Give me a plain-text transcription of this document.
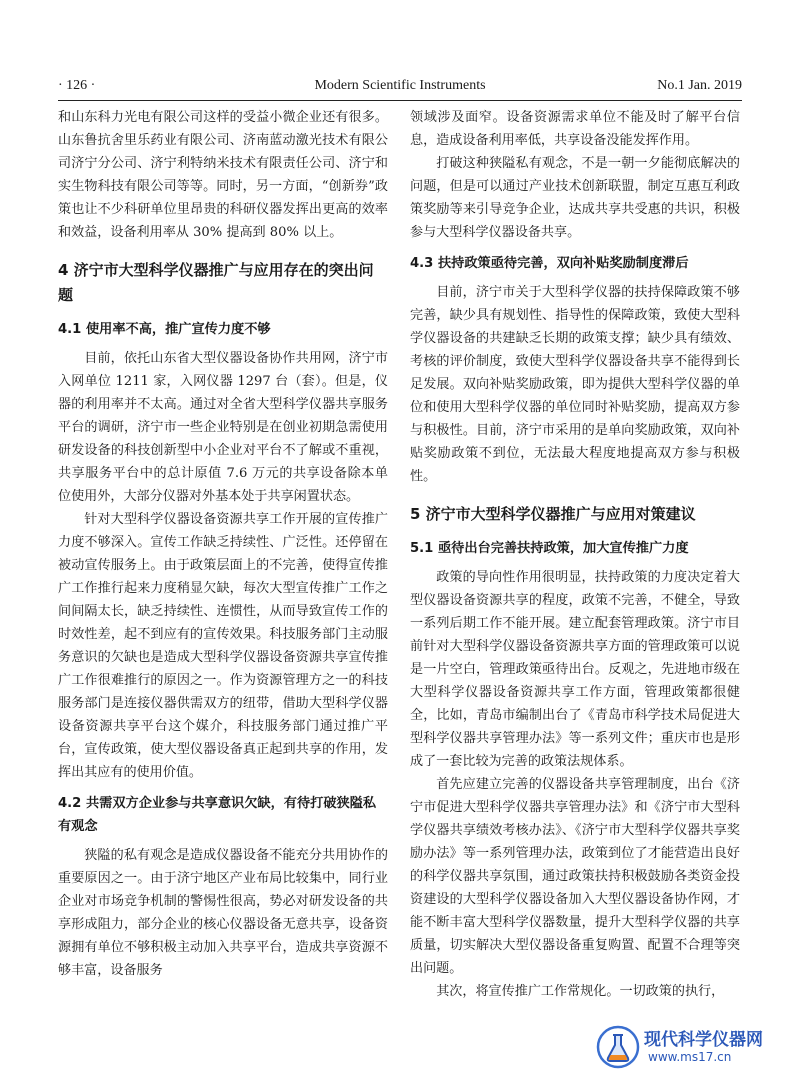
· 126 ·	Modern Scientific Instruments	No.1 Jan. 2019

和山东科力光电有限公司这样的受益小微企业还有很多。山东鲁抗舍里乐药业有限公司、济南蓝动激光技术有限公司济宁分公司、济宁利特纳米技术有限责任公司、济宁和实生物科技有限公司等等。同时，另一方面，“创新券”政策也让不少科研单位里昂贵的科研仪器发挥出更高的效率和效益，设备利用率从 30% 提高到 80% 以上。

4 济宁市大型科学仪器推广与应用存在的突出问题
4.1 使用率不高，推广宣传力度不够

目前，依托山东省大型仪器设备协作共用网，济宁市入网单位 1211 家，入网仪器 1297 台（套）。但是，仪器的利用率并不太高。通过对全省大型科学仪器共享服务平台的调研，济宁市一些企业特别是在创业初期急需使用研发设备的科技创新型中小企业对平台不了解或不重视，共享服务平台中的总计原值 7.6 万元的共享设备除本单位使用外，大部分仪器对外基本处于共享闲置状态。

针对大型科学仪器设备资源共享工作开展的宣传推广力度不够深入。宣传工作缺乏持续性、广泛性。还停留在被动宣传服务上。由于政策层面上的不完善，使得宣传推广工作推行起来力度稍显欠缺，每次大型宣传推广工作之间间隔太长，缺乏持续性、连惯性，从而导致宣传工作的时效性差，起不到应有的宣传效果。科技服务部门主动服务意识的欠缺也是造成大型科学仪器设备资源共享宣传推广工作很难推行的原因之一。作为资源管理方之一的科技服务部门是连接仪器供需双方的纽带，借助大型科学仪器设备资源共享平台这个媒介，科技服务部门通过推广平台，宣传政策，使大型仪器设备真正起到共享的作用，发挥出其应有的使用价值。

4.2 共需双方企业参与共享意识欠缺，有待打破狭隘私有观念

狭隘的私有观念是造成仪器设备不能充分共用协作的重要原因之一。由于济宁地区产业布局比较集中，同行业企业对市场竞争机制的警惕性很高，势必对研发设备的共享形成阻力，部分企业的核心仪器设备无意共享，设备资源拥有单位不够积极主动加入共享平台，造成共享资源不够丰富，设备服务

领域涉及面窄。设备资源需求单位不能及时了解平台信息，造成设备利用率低，共享设备没能发挥作用。

打破这种狭隘私有观念，不是一朝一夕能彻底解决的问题，但是可以通过产业技术创新联盟，制定互惠互利政策奖励等来引导竞争企业，达成共享共受惠的共识，积极参与大型科学仪器设备共享。

4.3 扶持政策亟待完善，双向补贴奖励制度滞后

目前，济宁市关于大型科学仪器的扶持保障政策不够完善，缺少具有规划性、指导性的保障政策，致使大型科学仪器设备的共建缺乏长期的政策支撑；缺少具有绩效、考核的评价制度，致使大型科学仪器设备共享不能得到长足发展。双向补贴奖励政策，即为提供大型科学仪器的单位和使用大型科学仪器的单位同时补贴奖励，提高双方参与积极性。目前，济宁市采用的是单向奖励政策，双向补贴奖励政策不到位，无法最大程度地提高双方参与积极性。

5 济宁市大型科学仪器推广与应用对策建议
5.1 亟待出台完善扶持政策，加大宣传推广力度

政策的导向性作用很明显，扶持政策的力度决定着大型仪器设备资源共享的程度，政策不完善，不健全，导致一系列后期工作不能开展。建立配套管理政策。济宁市目前针对大型科学仪器设备资源共享方面的管理政策可以说是一片空白，管理政策亟待出台。反观之，先进地市级在大型科学仪器设备资源共享工作方面，管理政策都很健全，比如，青岛市编制出台了《青岛市科学技术局促进大型科学仪器共享管理办法》等一系列文件；重庆市也是形成了一套比较为完善的政策法规体系。

首先应建立完善的仪器设备共享管理制度，出台《济宁市促进大型科学仪器共享管理办法》和《济宁市大型科学仪器共享绩效考核办法》、《济宁市大型科学仪器共享奖励办法》等一系列管理办法，政策到位了才能营造出良好的科学仪器共享氛围，通过政策扶持积极鼓励各类资金投资建设的大型科学仪器设备加入大型仪器设备协作网，才能不断丰富大型科学仪器数量，提升大型科学仪器的共享质量，切实解决大型仪器设备重复购置、配置不合理等突出问题。

其次，将宣传推广工作常规化。一切政策的执行，

现代科学仪器网
www.ms17.cn
